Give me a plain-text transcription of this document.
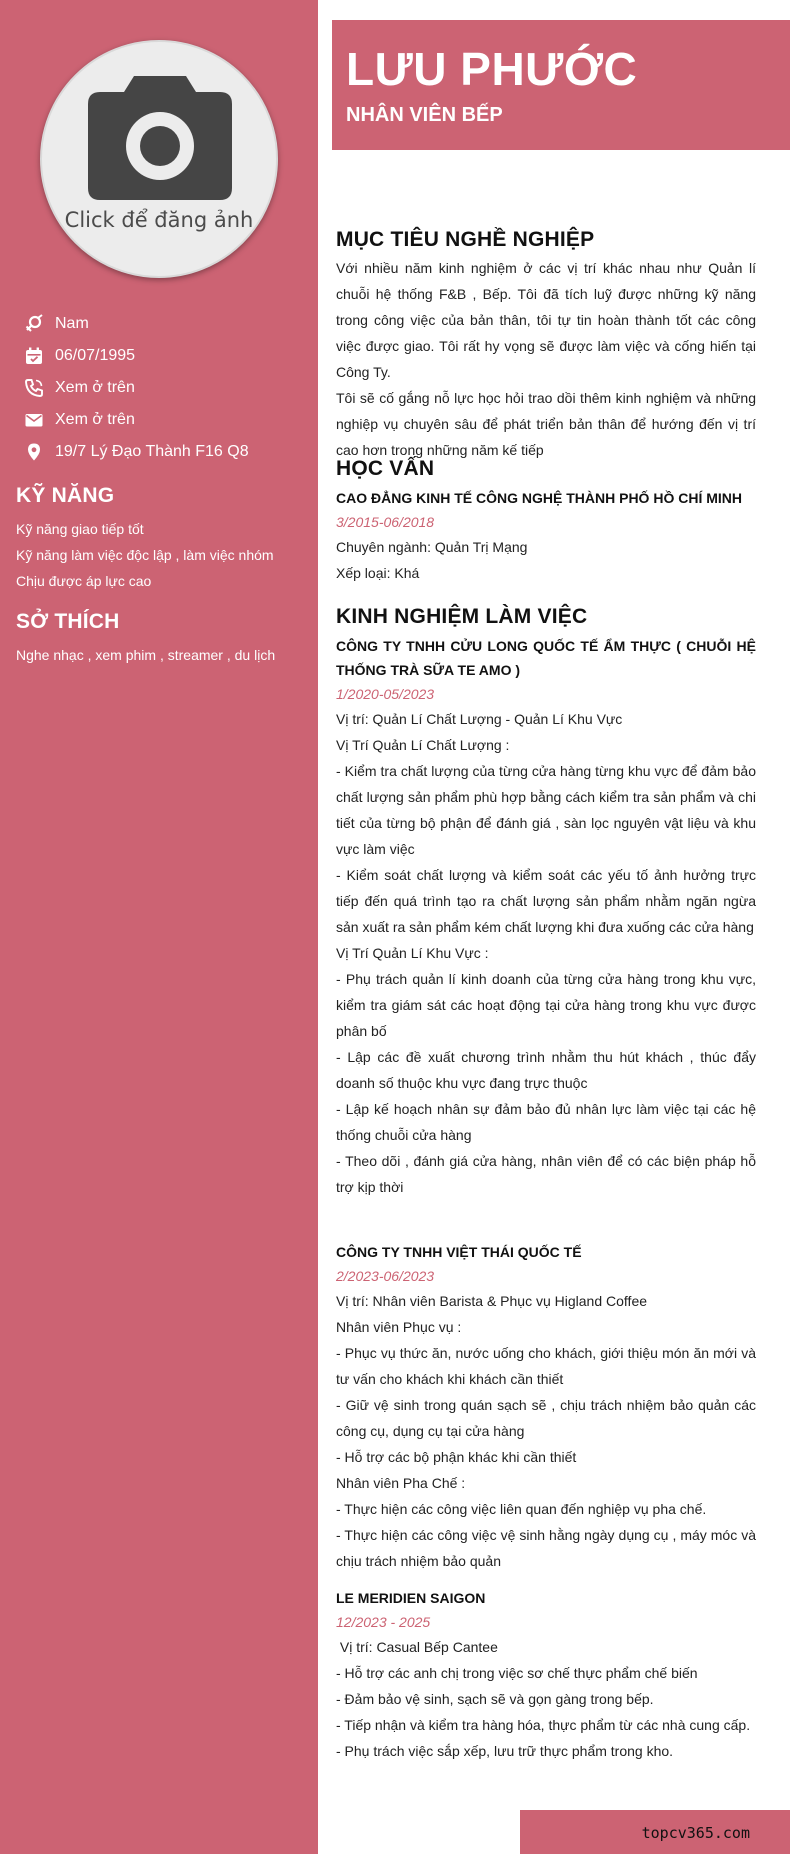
Click để đăng ảnh
Nam
06/07/1995
Xem ở trên
Xem ở trên
19/7 Lý Đạo Thành F16 Q8
KỸ NĂNG
Kỹ năng giao tiếp tốt
Kỹ năng làm việc độc lập , làm việc nhóm
Chịu được áp lực cao
SỞ THÍCH
Nghe nhạc , xem phim , streamer , du lịch
LƯU PHƯỚC
NHÂN VIÊN BẾP
MỤC TIÊU NGHỀ NGHIỆP
Với nhiều năm kinh nghiệm ở các vị trí khác nhau như Quản lí chuỗi hệ thống F&B , Bếp. Tôi đã tích luỹ được những kỹ năng trong công việc của bản thân, tôi tự tin hoàn thành tốt các công việc được giao. Tôi rất hy vọng sẽ được làm việc và cống hiến tại Công Ty.
Tôi sẽ cố gắng nỗ lực học hỏi trao dồi thêm kinh nghiệm và những nghiệp vụ chuyên sâu để phát triển bản thân để hướng đến vị trí cao hơn trong những năm kế tiếp
HỌC VẤN
CAO ĐẲNG KINH TẾ CÔNG NGHỆ THÀNH PHỐ HỒ CHÍ MINH
3/2015-06/2018
Chuyên ngành: Quản Trị Mạng
Xếp loại: Khá
KINH NGHIỆM LÀM VIỆC
CÔNG TY TNHH CỬU LONG QUỐC TẾ ẨM THỰC ( CHUỖI HỆ THỐNG TRÀ SỮA TE AMO )
1/2020-05/2023
Vị trí: Quản Lí Chất Lượng - Quản Lí Khu Vực
Vị Trí Quản Lí Chất Lượng :
- Kiểm tra chất lượng của từng cửa hàng từng khu vực để đảm bảo chất lượng sản phẩm phù hợp bằng cách kiểm tra sản phẩm và chi tiết của từng bộ phận để đánh giá , sàn lọc nguyên vật liệu và khu vực làm việc
- Kiểm soát chất lượng và kiểm soát các yếu tố ảnh hưởng trực tiếp đến quá trình tạo ra chất lượng sản phẩm nhằm ngăn ngừa sản xuất ra sản phẩm kém chất lượng khi đưa xuống các cửa hàng
Vị Trí Quản Lí Khu Vực :
- Phụ trách quản lí kinh doanh của từng cửa hàng trong khu vực, kiểm tra giám sát các hoạt động tại cửa hàng trong khu vực được phân bố
- Lập các đề xuất chương trình nhằm thu hút khách , thúc đẩy doanh số thuộc khu vực đang trực thuộc
- Lập kế hoạch nhân sự đảm bảo đủ nhân lực làm việc tại các hệ thống chuỗi cửa hàng
- Theo dõi , đánh giá cửa hàng, nhân viên để có các biện pháp hỗ trợ kịp thời
CÔNG TY TNHH VIỆT THÁI QUỐC TẾ
2/2023-06/2023
Vị trí: Nhân viên Barista & Phục vụ Higland Coffee
Nhân viên Phục vụ :
- Phục vụ thức ăn, nước uống cho khách, giới thiệu món ăn mới và tư vấn cho khách khi khách cần thiết
- Giữ vệ sinh trong quán sạch sẽ , chịu trách nhiệm bảo quản các công cụ, dụng cụ tại cửa hàng
- Hỗ trợ các bộ phận khác khi cần thiết
Nhân viên Pha Chế :
- Thực hiện các công việc liên quan đến nghiệp vụ pha chế.
- Thực hiện các công việc vệ sinh hằng ngày dụng cụ , máy móc và chịu trách nhiệm bảo quản
LE MERIDIEN SAIGON
12/2023 - 2025
Vị trí: Casual Bếp Cantee
- Hỗ trợ các anh chị trong việc sơ chế thực phẩm chế biến
- Đảm bảo vệ sinh, sạch sẽ và gọn gàng trong bếp.
- Tiếp nhận và kiểm tra hàng hóa, thực phẩm từ các nhà cung cấp.
- Phụ trách việc sắp xếp, lưu trữ thực phẩm trong kho.
topcv365.com
